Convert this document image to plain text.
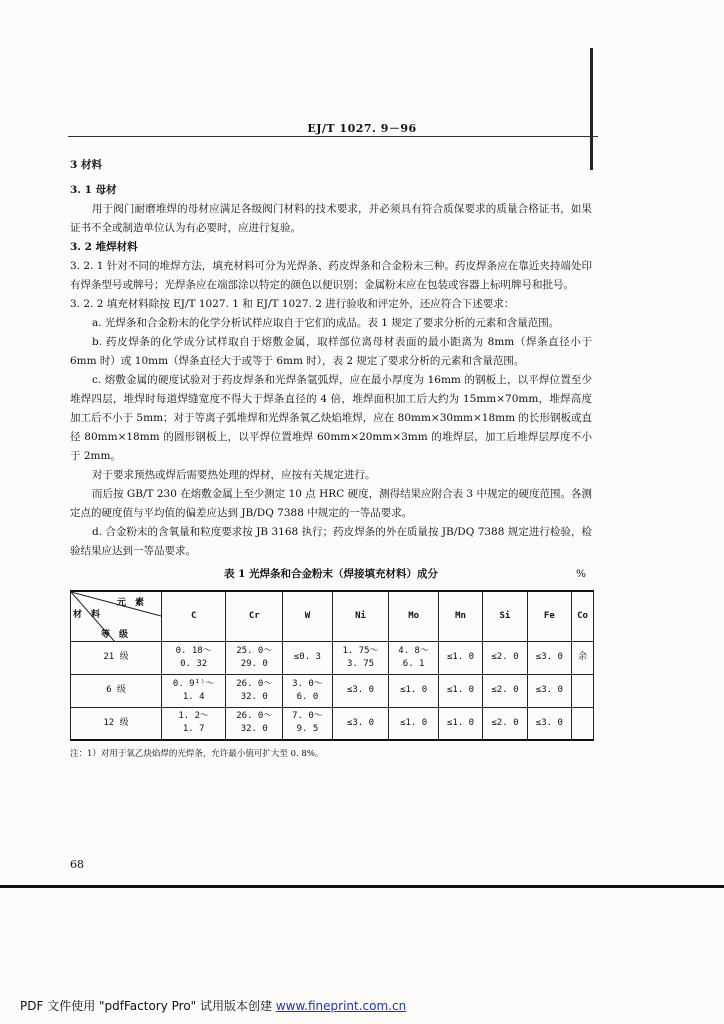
EJ/T 1027. 9－96
3 材料
3. 1 母材
用于阀门耐磨堆焊的母材应满足各级阀门材料的技术要求，并必须具有符合质保要求的质量合格证书，如果证书不全或制造单位认为有必要时，应进行复验。
3. 2 堆焊材料
3. 2. 1 针对不同的堆焊方法，填充材料可分为光焊条、药皮焊条和合金粉末三种。药皮焊条应在靠近夹持端处印有焊条型号或牌号；光焊条应在端部涂以特定的颜色以便识别；金属粉末应在包装或容器上标明牌号和批号。
3. 2. 2 填充材料除按 EJ/T 1027. 1 和 EJ/T 1027. 2 进行验收和评定外，还应符合下述要求：
a. 光焊条和合金粉末的化学分析试样应取自于它们的成品。表 1 规定了要求分析的元素和含量范围。
b. 药皮焊条的化学成分试样取自于熔敷金属，取样部位离母材表面的最小距离为 8mm（焊条直径小于 6mm 时）或 10mm（焊条直径大于或等于 6mm 时），表 2 规定了要求分析的元素和含量范围。
c. 熔敷金属的硬度试验对于药皮焊条和光焊条氩弧焊，应在最小厚度为 16mm 的钢板上，以平焊位置至少堆焊四层，堆焊时每道焊缝宽度不得大于焊条直径的 4 倍，堆焊面积加工后大约为 15mm×70mm，堆焊高度加工后不小于 5mm；对于等离子弧堆焊和光焊条氧乙炔焰堆焊，应在 80mm×30mm×18mm 的长形钢板或直径 80mm×18mm 的圆形钢板上，以平焊位置堆焊 60mm×20mm×3mm 的堆焊层，加工后堆焊层厚度不小于 2mm。
对于要求预热或焊后需要热处理的焊材，应按有关规定进行。
而后按 GB/T 230 在熔敷金属上至少测定 10 点 HRC 硬度，测得结果应附合表 3 中规定的硬度范围。各测定点的硬度值与平均值的偏差应达到 JB/DQ 7388 中规定的一等品要求。
d. 合金粉末的含氧量和粒度要求按 JB 3168 执行；药皮焊条的外在质量按 JB/DQ 7388 规定进行检验，检验结果应达到一等品要求。
表 1 光焊条和合金粉末（焊接填充材料）成分	%
元　素
材　料
等　级	C	Cr	W	Ni	Mo	Mn	Si	Fe	Co
21 级	0. 18～
0. 32	25. 0～
29. 0	≤0. 3	1. 75～
3. 75	4. 8～
6. 1	≤1. 0	≤2. 0	≤3. 0	余
6 级	0. 9¹⁾～
1. 4	26. 0～
32. 0	3. 0～
6. 0	≤3. 0	≤1. 0	≤1. 0	≤2. 0	≤3. 0	
12 级	1. 2～
1. 7	26. 0～
32. 0	7. 0～
9. 5	≤3. 0	≤1. 0	≤1. 0	≤2. 0	≤3. 0	
注：1）对用于氧乙炔焰焊的光焊条，允许最小值可扩大至 0. 8%。
68
PDF 文件使用 "pdfFactory Pro" 试用版本创建 www.fineprint.com.cn
